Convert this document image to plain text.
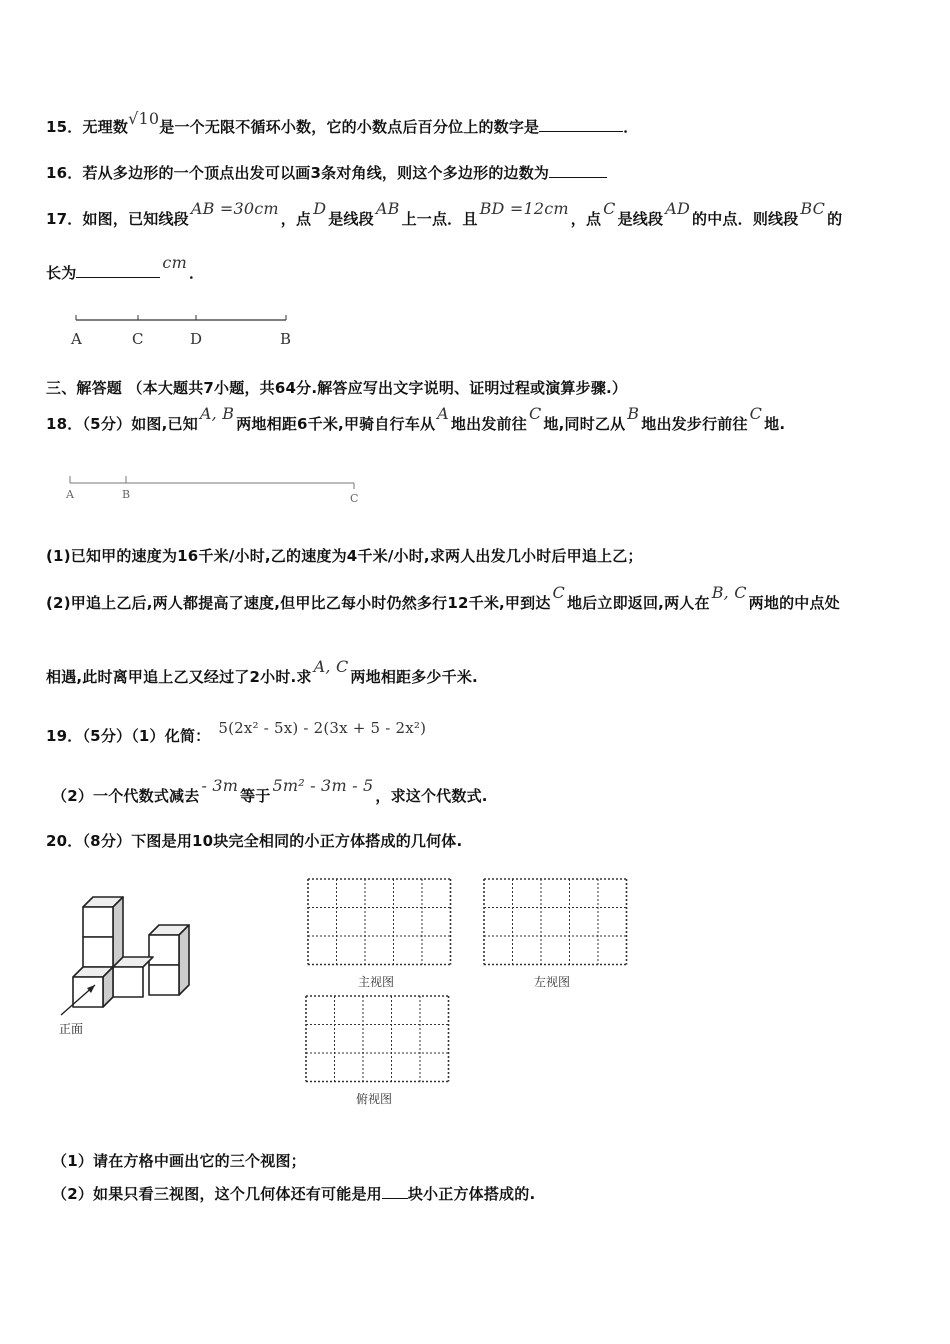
15．无理数√10是一个无限不循环小数，它的小数点后百分位上的数字是	．
16．若从多边形的一个顶点出发可以画3条对角线，则这个多边形的边数为
17．如图，已知线段AB =30cm，点D是线段AB上一点．且BD =12cm，点C是线段AD的中点．则线段BC的
长为cm．
A	C	D	B
三、解答题 （本大题共7小题，共64分.解答应写出文字说明、证明过程或演算步骤.）
18．（5分）如图,已知A, B两地相距6千米,甲骑自行车从A地出发前往C地,同时乙从B地出发步行前往C地.
A	B	C
(1)已知甲的速度为16千米/小时,乙的速度为4千米/小时,求两人出发几小时后甲追上乙；
(2)甲追上乙后,两人都提高了速度,但甲比乙每小时仍然多行12千米,甲到达C地后立即返回,两人在B, C两地的中点处
相遇,此时离甲追上乙又经过了2小时.求A, C两地相距多少千米.
19．（5分）（1）化简： 5(2x² - 5x) - 2(3x + 5 - 2x²)
（2）一个代数式减去- 3m等于5m² - 3m - 5，求这个代数式.
20．（8分）下图是用10块完全相同的小正方体搭成的几何体.
正面
主视图	左视图
俯视图
（1）请在方格中画出它的三个视图；
（2）如果只看三视图，这个几何体还有可能是用 块小正方体搭成的.
